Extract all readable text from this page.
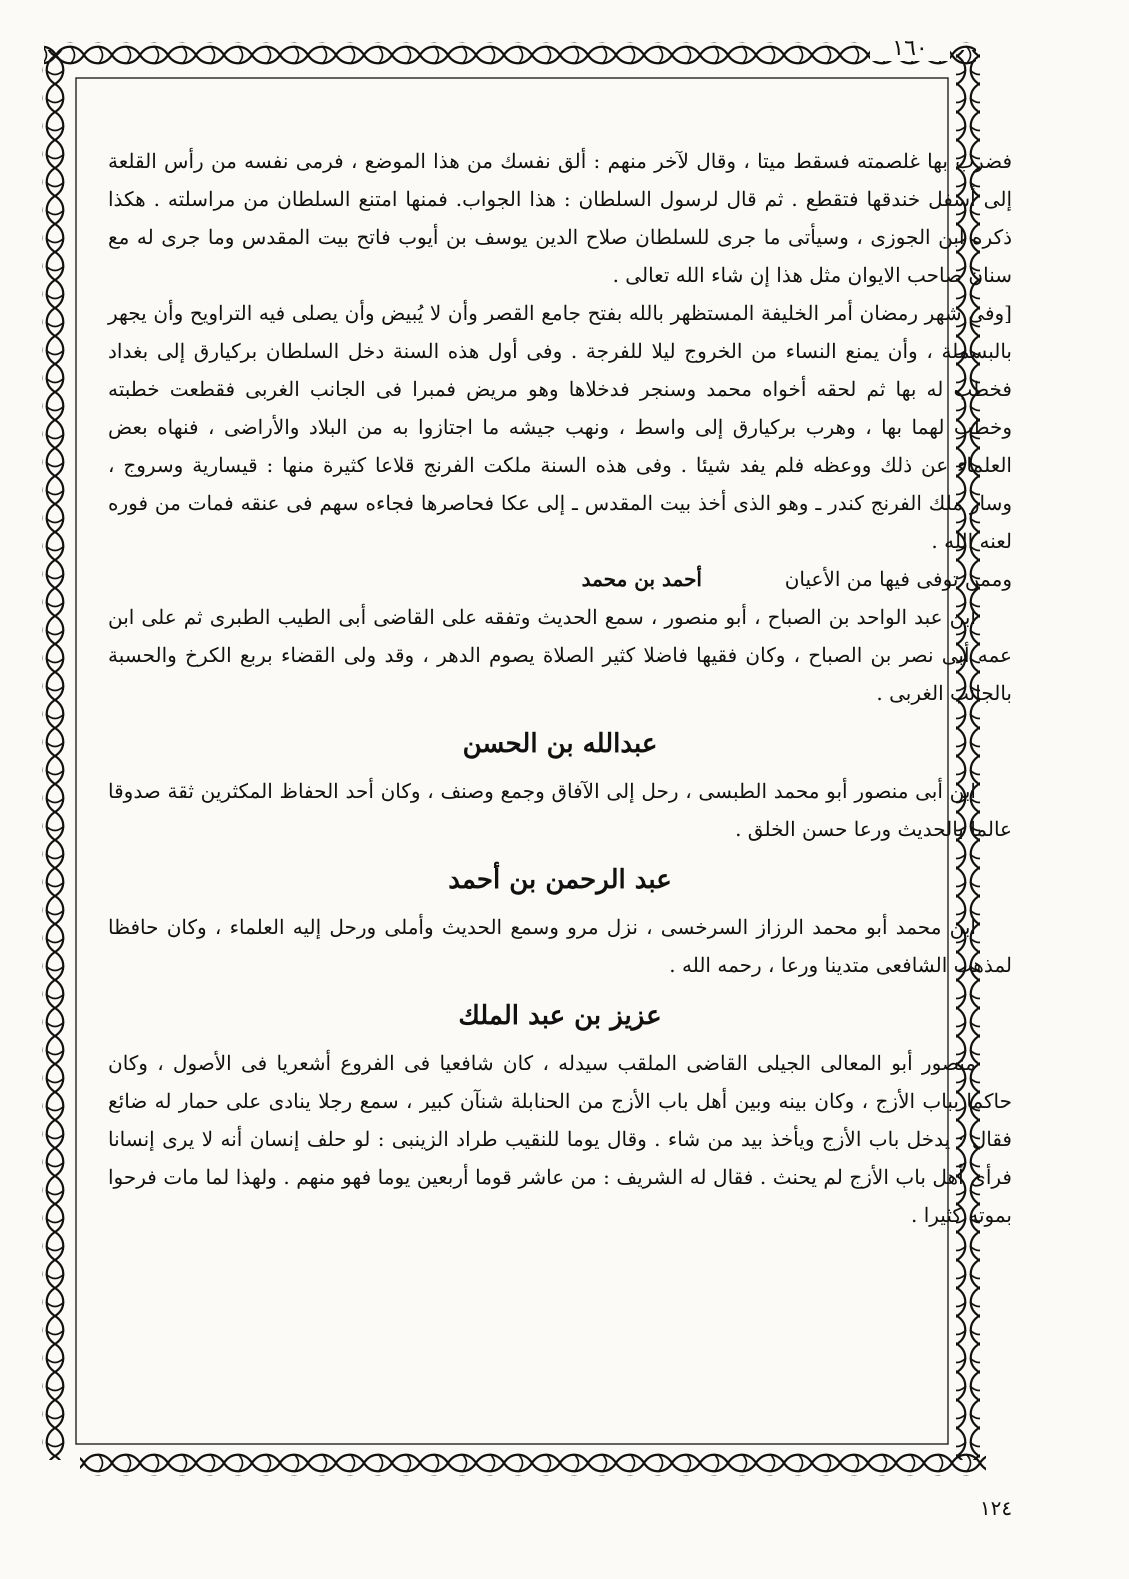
١٦٠

فضرب بها غلصمته فسقط ميتا ، وقال لآخر منهم : ألق نفسك من هذا الموضع ، فرمى نفسه من رأس القلعة إلى أسفل خندقها فتقطع . ثم قال لرسول السلطان : هذا الجواب. فمنها امتنع السلطان من مراسلته . هكذا ذكره ابن الجوزى ، وسيأتى ما جرى للسلطان صلاح الدين يوسف بن أيوب فاتح بيت المقدس وما جرى له مع سنان صاحب الايوان مثل هذا إن شاء الله تعالى .

[وفى شهر رمضان أمر الخليفة المستظهر بالله بفتح جامع القصر وأن لا يُبيض وأن يصلى فيه التراويح وأن يجهر بالبسملة ، وأن يمنع النساء من الخروج ليلا للفرجة . وفى أول هذه السنة دخل السلطان بركيارق إلى بغداد فخطب له بها ثم لحقه أخواه محمد وسنجر فدخلاها وهو مريض فمبرا فى الجانب الغربى فقطعت خطبته وخطب لهما بها ، وهرب بركيارق إلى واسط ، ونهب جيشه ما اجتازوا به من البلاد والأراضى ، فنهاه بعض العلماء عن ذلك ووعظه فلم يفد شيئا . وفى هذه السنة ملكت الفرنج قلاعا كثيرة منها : قيسارية وسروج ، وسار ملك الفرنج كندر ـ وهو الذى أخذ بيت المقدس ـ إلى عكا فحاصرها فجاءه سهم فى عنقه فمات من فوره لعنه الله .

وممن توفى فيها من الأعيان
أحمد بن محمد

ابن عبد الواحد بن الصباح ، أبو منصور ، سمع الحديث وتفقه على القاضى أبى الطيب الطبرى ثم على ابن عمه أبى نصر بن الصباح ، وكان فقيها فاضلا كثير الصلاة يصوم الدهر ، وقد ولى القضاء بربع الكرخ والحسبة بالجانب الغربى .

عبدالله بن الحسن

ابن أبى منصور أبو محمد الطبسى ، رحل إلى الآفاق وجمع وصنف ، وكان أحد الحفاظ المكثرين ثقة صدوقا عالما بالحديث ورعا حسن الخلق .

عبد الرحمن بن أحمد

ابن محمد أبو محمد الرزاز السرخسى ، نزل مرو وسمع الحديث وأملى ورحل إليه العلماء ، وكان حافظا لمذهب الشافعى متدينا ورعا ، رحمه الله .

عزيز بن عبد الملك

منصور أبو المعالى الجيلى القاضى الملقب سيدله ، كان شافعيا فى الفروع أشعريا فى الأصول ، وكان حاكما بباب الأزج ، وكان بينه وبين أهل باب الأزج من الحنابلة شنآن كبير ، سمع رجلا ينادى على حمار له ضائع فقال : يدخل باب الأزج ويأخذ بيد من شاء . وقال يوما للنقيب طراد الزينبى : لو حلف إنسان أنه لا يرى إنسانا فرأى أهل باب الأزج لم يحنث . فقال له الشريف : من عاشر قوما أربعين يوما فهو منهم . ولهذا لما مات فرحوا بموته كثيرا .

١٢٤
